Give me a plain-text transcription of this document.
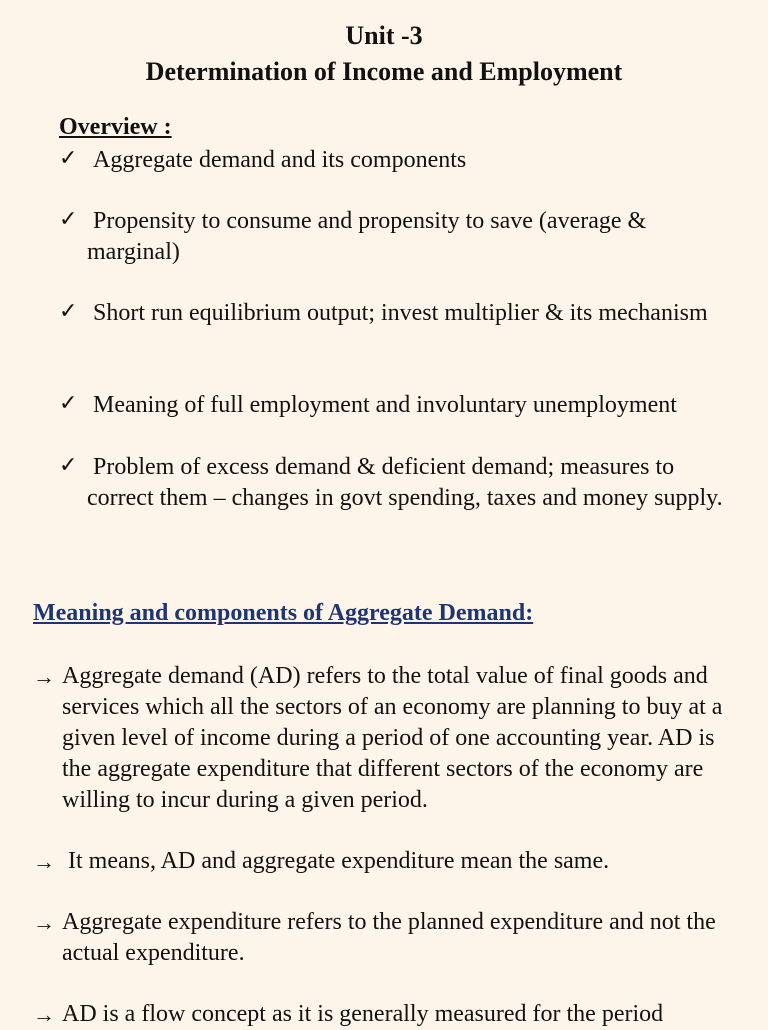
Unit -3
Determination of Income and Employment
Overview :
✓ Aggregate demand and its components
✓ Propensity to consume and propensity to save (average & marginal)
✓ Short run equilibrium output; invest multiplier & its mechanism
✓ Meaning of full employment and involuntary unemployment
✓ Problem of excess demand & deficient demand; measures to correct them – changes in govt spending, taxes and money supply.
Meaning and components of Aggregate Demand:
→ Aggregate demand (AD) refers to the total value of final goods and services which all the sectors of an economy are planning to buy at a given level of income during a period of one accounting year. AD is the aggregate expenditure that different sectors of the economy are willing to incur during a given period.
→ It means, AD and aggregate expenditure mean the same.
→ Aggregate expenditure refers to the planned expenditure and not the actual expenditure.
→ AD is a flow concept as it is generally measured for the period
